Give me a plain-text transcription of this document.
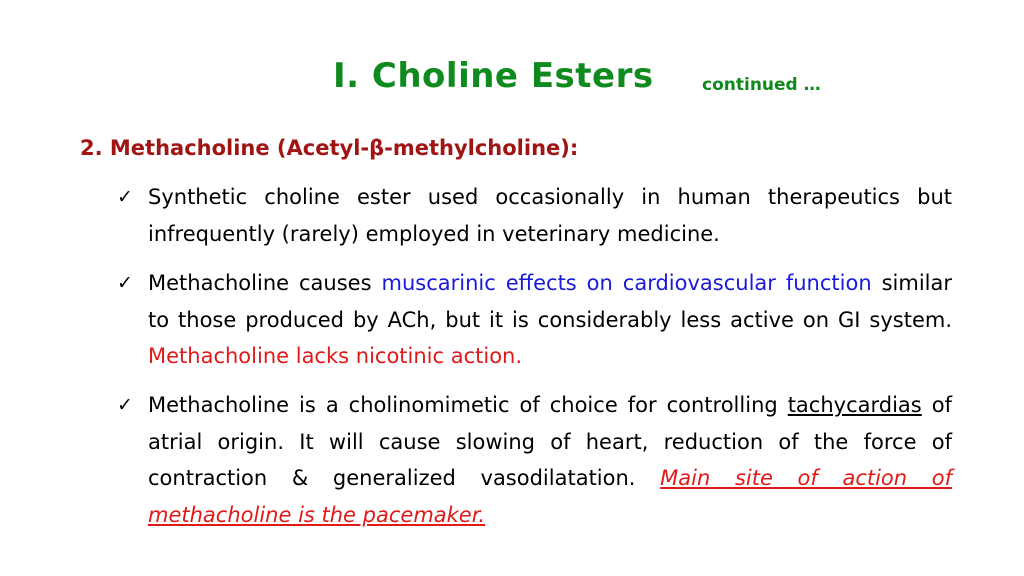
I. Choline Esters	continued …
2. Methacholine (Acetyl-β-methylcholine):
✓ Synthetic choline ester used occasionally in human therapeutics but infrequently (rarely) employed in veterinary medicine.
✓ Methacholine causes muscarinic effects on cardiovascular function similar to those produced by ACh, but it is considerably less active on GI system. Methacholine lacks nicotinic action.
✓ Methacholine is a cholinomimetic of choice for controlling tachycardias of atrial origin. It will cause slowing of heart, reduction of the force of contraction & generalized vasodilatation. Main site of action of methacholine is the pacemaker.
